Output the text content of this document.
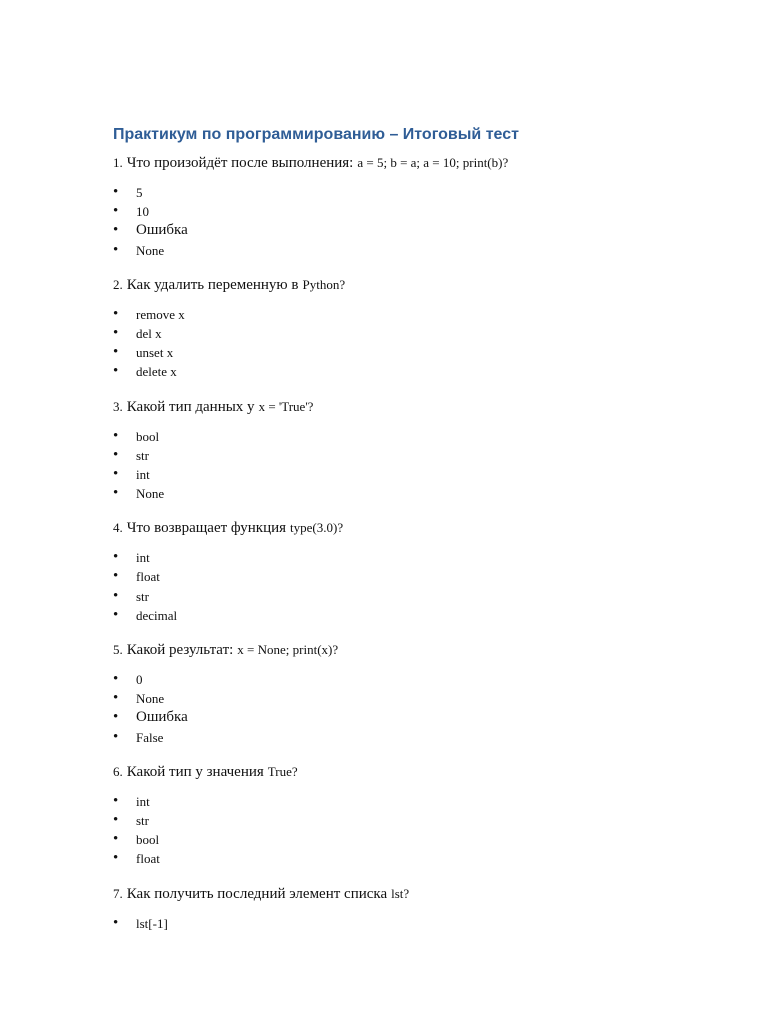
Практикум по программированию – Итоговый тест

1. Что произойдёт после выполнения: a = 5; b = a; a = 10; print(b)?

• 5
• 10
• Ошибка
• None

2. Как удалить переменную в Python?

• remove x
• del x
• unset x
• delete x

3. Какой тип данных у x = 'True'?

• bool
• str
• int
• None

4. Что возвращает функция type(3.0)?

• int
• float
• str
• decimal

5. Какой результат: x = None; print(x)?

• 0
• None
• Ошибка
• False

6. Какой тип у значения True?

• int
• str
• bool
• float

7. Как получить последний элемент списка lst?

• lst[-1]
